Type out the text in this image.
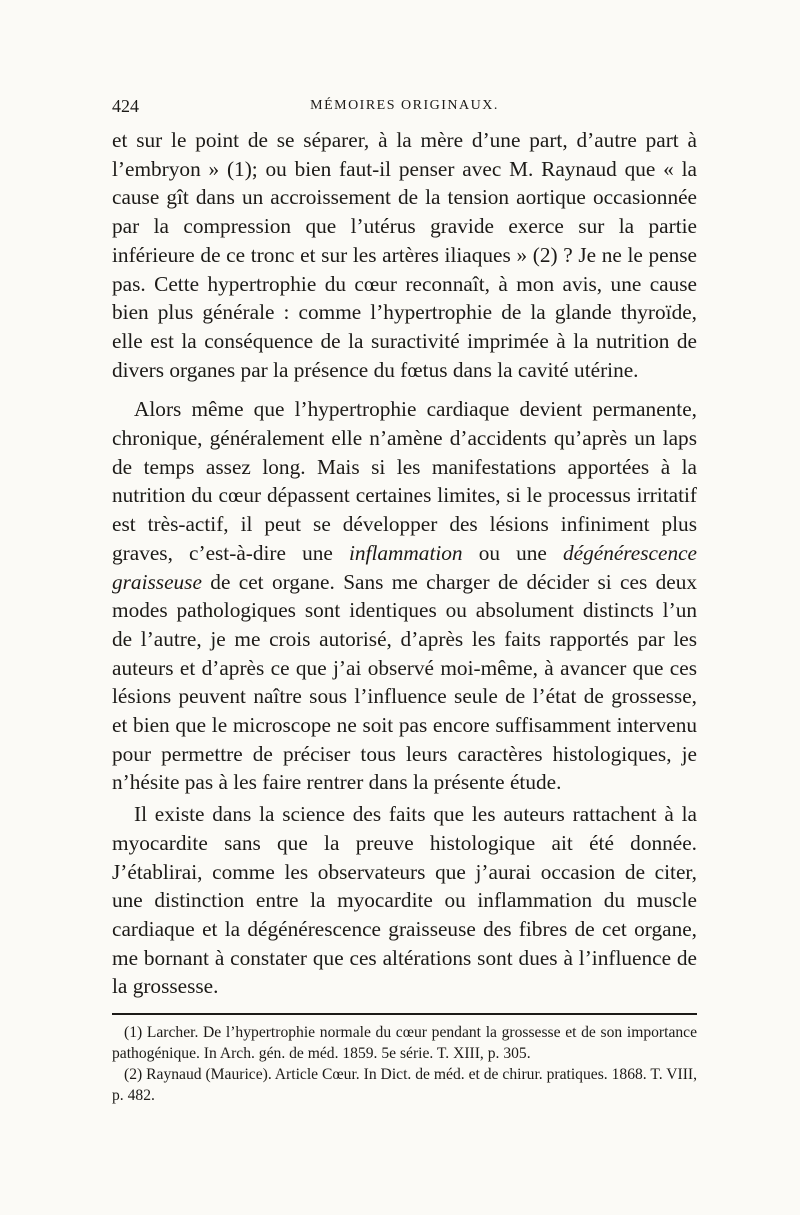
424	MÉMOIRES ORIGINAUX.

et sur le point de se séparer, à la mère d’une part, d’autre part à l’embryon » (1); ou bien faut-il penser avec M. Raynaud que « la cause gît dans un accroissement de la tension aortique occasionnée par la compression que l’utérus gravide exerce sur la partie inférieure de ce tronc et sur les artères iliaques » (2) ? Je ne le pense pas. Cette hypertrophie du cœur reconnaît, à mon avis, une cause bien plus générale : comme l’hypertrophie de la glande thyroïde, elle est la conséquence de la suractivité imprimée à la nutrition de divers organes par la présence du fœtus dans la cavité utérine.

Alors même que l’hypertrophie cardiaque devient permanente, chronique, généralement elle n’amène d’accidents qu’après un laps de temps assez long. Mais si les manifestations apportées à la nutrition du cœur dépassent certaines limites, si le processus irritatif est très-actif, il peut se développer des lésions infiniment plus graves, c’est-à-dire une inflammation ou une dégénérescence graisseuse de cet organe. Sans me charger de décider si ces deux modes pathologiques sont identiques ou absolument distincts l’un de l’autre, je me crois autorisé, d’après les faits rapportés par les auteurs et d’après ce que j’ai observé moi-même, à avancer que ces lésions peuvent naître sous l’influence seule de l’état de grossesse, et bien que le microscope ne soit pas encore suffisamment intervenu pour permettre de préciser tous leurs caractères histologiques, je n’hésite pas à les faire rentrer dans la présente étude.

Il existe dans la science des faits que les auteurs rattachent à la myocardite sans que la preuve histologique ait été donnée. J’établirai, comme les observateurs que j’aurai occasion de citer, une distinction entre la myocardite ou inflammation du muscle cardiaque et la dégénérescence graisseuse des fibres de cet organe, me bornant à constater que ces altérations sont dues à l’influence de la grossesse.

(1) Larcher. De l’hypertrophie normale du cœur pendant la grossesse et de son importance pathogénique. In Arch. gén. de méd. 1859. 5e série. T. XIII, p. 305.

(2) Raynaud (Maurice). Article Cœur. In Dict. de méd. et de chirur. pratiques. 1868. T. VIII, p. 482.
